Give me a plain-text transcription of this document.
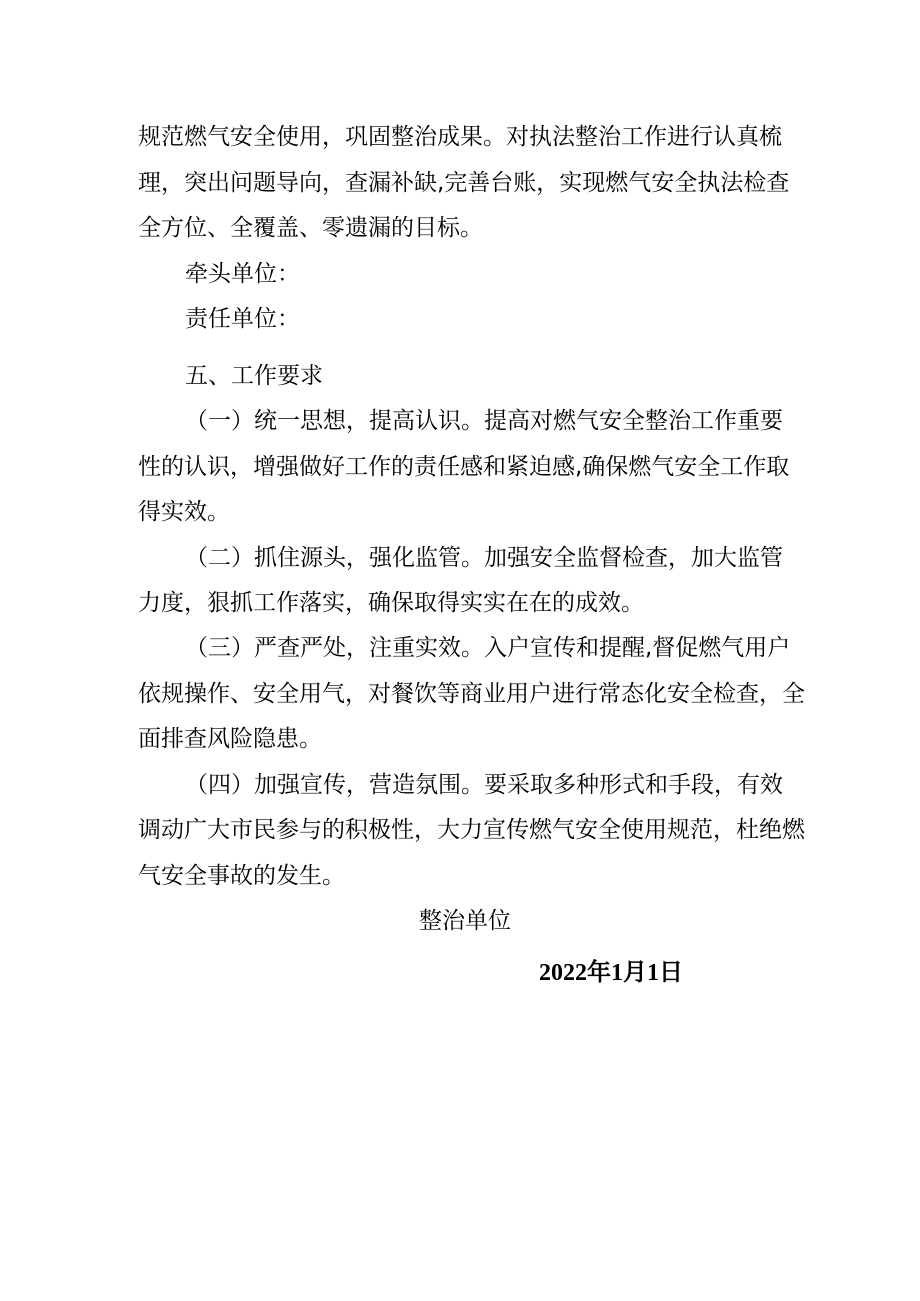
规范燃气安全使用，巩固整治成果。对执法整治工作进行认真梳
理，突出问题导向，查漏补缺,完善台账，实现燃气安全执法检查
全方位、全覆盖、零遗漏的目标。
牵头单位：
责任单位：
五、工作要求
（一）统一思想，提高认识。提高对燃气安全整治工作重要
性的认识，增强做好工作的责任感和紧迫感,确保燃气安全工作取
得实效。
（二）抓住源头，强化监管。加强安全监督检查，加大监管
力度，狠抓工作落实，确保取得实实在在的成效。
（三）严查严处，注重实效。入户宣传和提醒,督促燃气用户
依规操作、安全用气，对餐饮等商业用户进行常态化安全检查，全
面排查风险隐患。
（四）加强宣传，营造氛围。要采取多种形式和手段，有效
调动广大市民参与的积极性，大力宣传燃气安全使用规范，杜绝燃
气安全事故的发生。
整治单位
2022年1月1日
